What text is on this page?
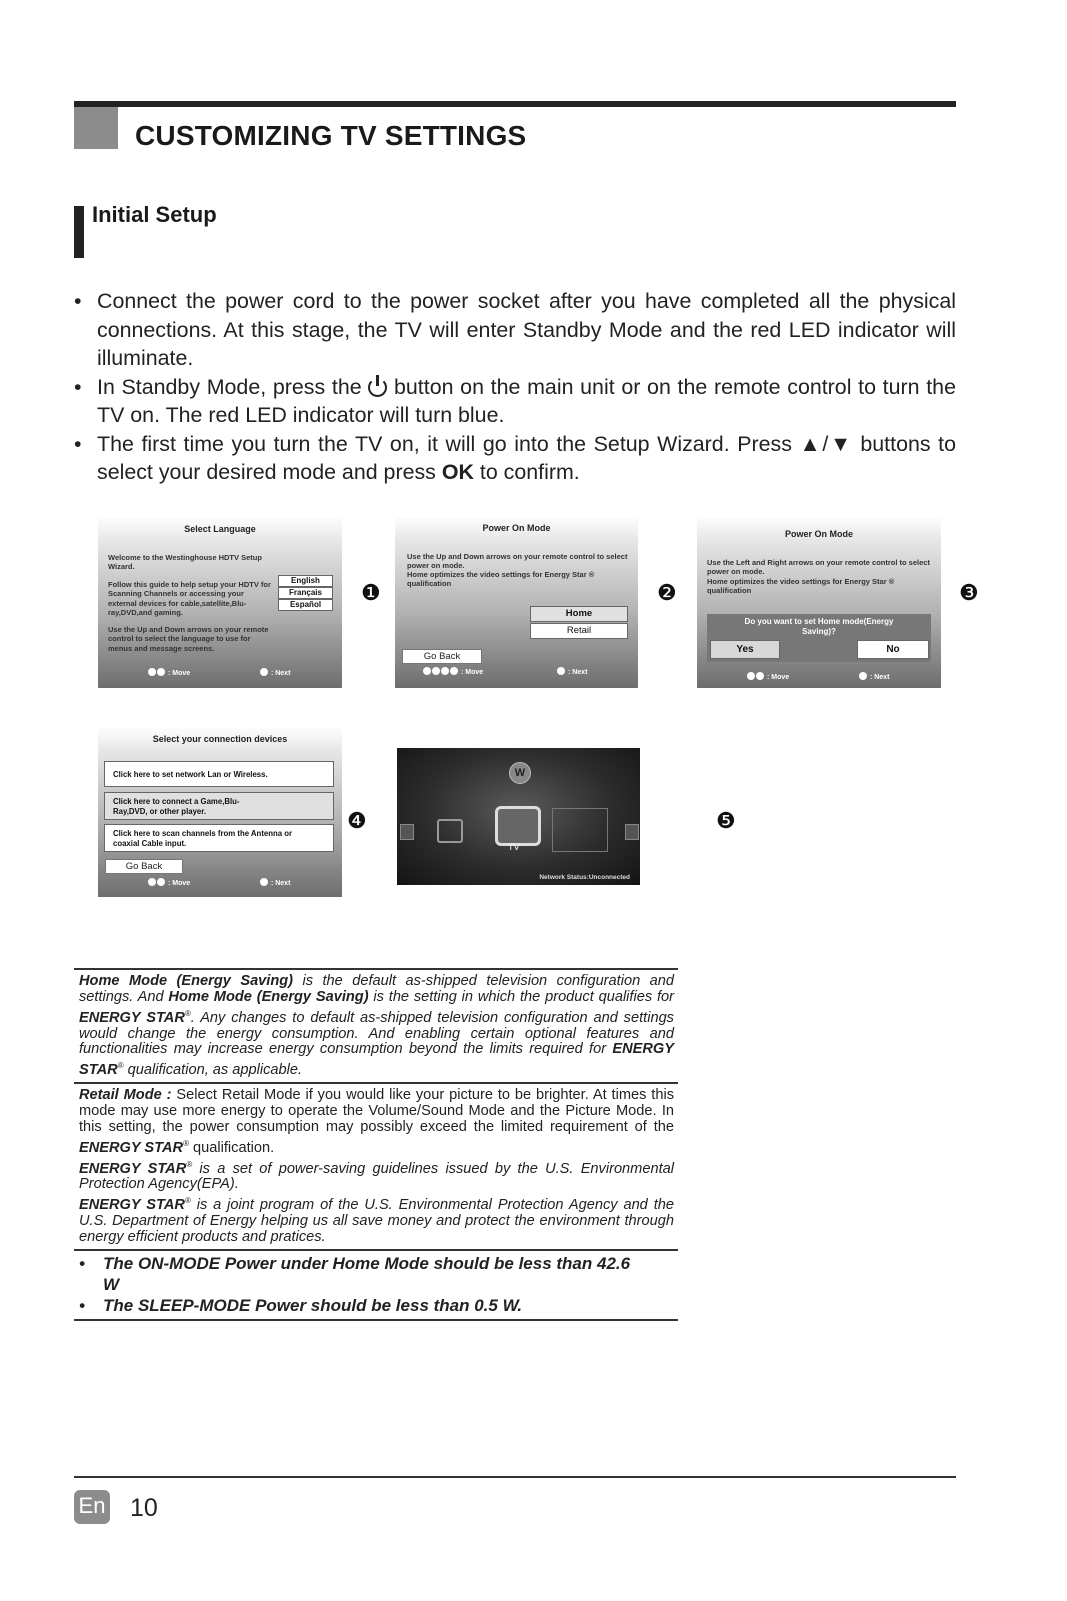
CUSTOMIZING TV SETTINGS
Initial Setup
• Connect the power cord to the power socket after you have completed all the physical connections. At this stage, the TV will enter Standby Mode and the red LED indicator will illuminate.
• In Standby Mode, press the button on the main unit or on the remote control to turn the TV on. The red LED indicator will turn blue.
• The first time you turn the TV on, it will go into the Setup Wizard. Press ▲/▼ buttons to select your desired mode and press OK to confirm.
Select Language
Welcome to the Westinghouse HDTV Setup Wizard.
Follow this guide to help setup your HDTV for Scanning Channels or accessing your external devices for cable,satellite,Blu-ray,DVD,and gaming.
Use the Up and Down arrows on your remote control to select the language to use for menus and message screens.
English
Français
Español
: Move	: Next
❶
Power On Mode
Use the Up and Down arrows on your remote control to select power on mode.
Home optimizes the video settings for Energy Star ® qualification
Home
Retail
Go Back
: Move	: Next
❷
Power On Mode
Use the Left and Right arrows on your remote control to select power on mode.
Home optimizes the video settings for Energy Star ® qualification
Do you want to set Home mode(Energy Saving)?
Yes	No
: Move	: Next
❸
Select your connection devices
Click here to set network Lan or Wireless.
Click here to connect a Game,Blu-Ray,DVD, or other player.
Click here to scan channels from the Antenna or coaxial Cable input.
Go Back
: Move	: Next
❹
W
TV
Network Status:Unconnected
❺
Home Mode (Energy Saving) is the default as-shipped television configuration and settings. And Home Mode (Energy Saving) is the setting in which the product qualifies for ENERGY STAR®. Any changes to default as-shipped television configuration and settings would change the energy consumption. And enabling certain optional features and functionalities may increase energy consumption beyond the limits required for ENERGY STAR® qualification, as applicable.
Retail Mode : Select Retail Mode if you would like your picture to be brighter. At times this mode may use more energy to operate the Volume/Sound Mode and the Picture Mode. In this setting, the power consumption may possibly exceed the limited requirement of the ENERGY STAR® qualification.
ENERGY STAR® is a set of power-saving guidelines issued by the U.S. Environmental Protection Agency(EPA).
ENERGY STAR® is a joint program of the U.S. Environmental Protection Agency and the U.S. Department of Energy helping us all save money and protect the environment through energy efficient products and pratices.
•	The ON-MODE Power under Home Mode should be less than 42.6 W
•	The SLEEP-MODE Power should be less than 0.5 W.
En 10
